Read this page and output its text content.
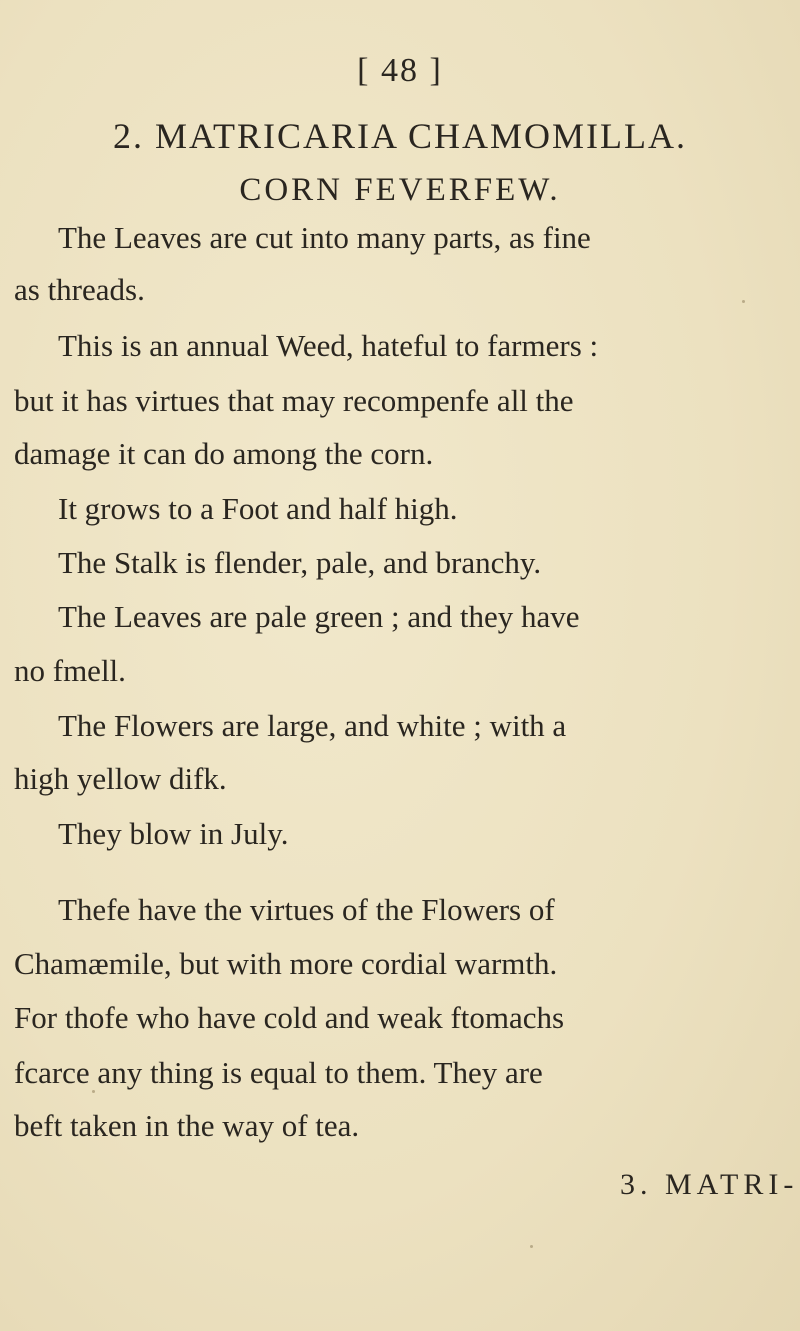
[ 48 ]
2. MATRICARIA CHAMOMILLA.
CORN FEVERFEW.
The Leaves are cut into many parts, as fine
as threads.
This is an annual Weed, hateful to farmers :
but it has virtues that may recompenfe all the
damage it can do among the corn.
It grows to a Foot and half high.
The Stalk is flender, pale, and branchy.
The Leaves are pale green ; and they have
no fmell.
The Flowers are large, and white ; with a
high yellow difk.
They blow in July.
Thefe have the virtues of the Flowers of
Chamæmile, but with more cordial warmth.
For thofe who have cold and weak ftomachs
fcarce any thing is equal to them. They are
beft taken in the way of tea.
3. MATRI-
